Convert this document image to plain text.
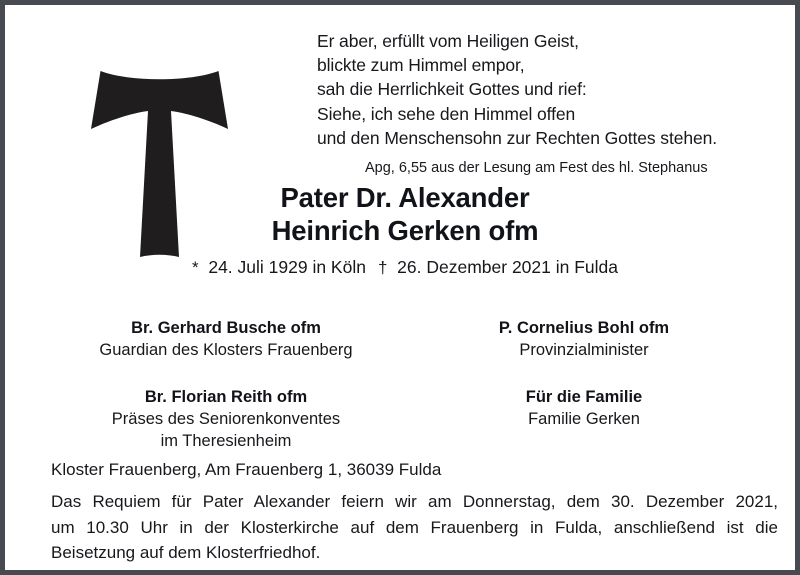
Er aber, erfüllt vom Heiligen Geist,
blickte zum Himmel empor,
sah die Herrlichkeit Gottes und rief:
Siehe, ich sehe den Himmel offen
und den Menschensohn zur Rechten Gottes stehen.
Apg, 6,55 aus der Lesung am Fest des hl. Stephanus
Pater Dr. Alexander
Heinrich Gerken ofm
* 24. Juli 1929 in Köln † 26. Dezember 2021 in Fulda
Br. Gerhard Busche ofm
Guardian des Klosters Frauenberg
Br. Florian Reith ofm
Präses des Seniorenkonventes
im Theresienheim
P. Cornelius Bohl ofm
Provinzialminister
Für die Familie
Familie Gerken
Kloster Frauenberg, Am Frauenberg 1, 36039 Fulda
Das Requiem für Pater Alexander feiern wir am Donnerstag, dem 30. Dezember 2021,
um 10.30 Uhr in der Klosterkirche auf dem Frauenberg in Fulda, anschließend ist die
Beisetzung auf dem Klosterfriedhof.
